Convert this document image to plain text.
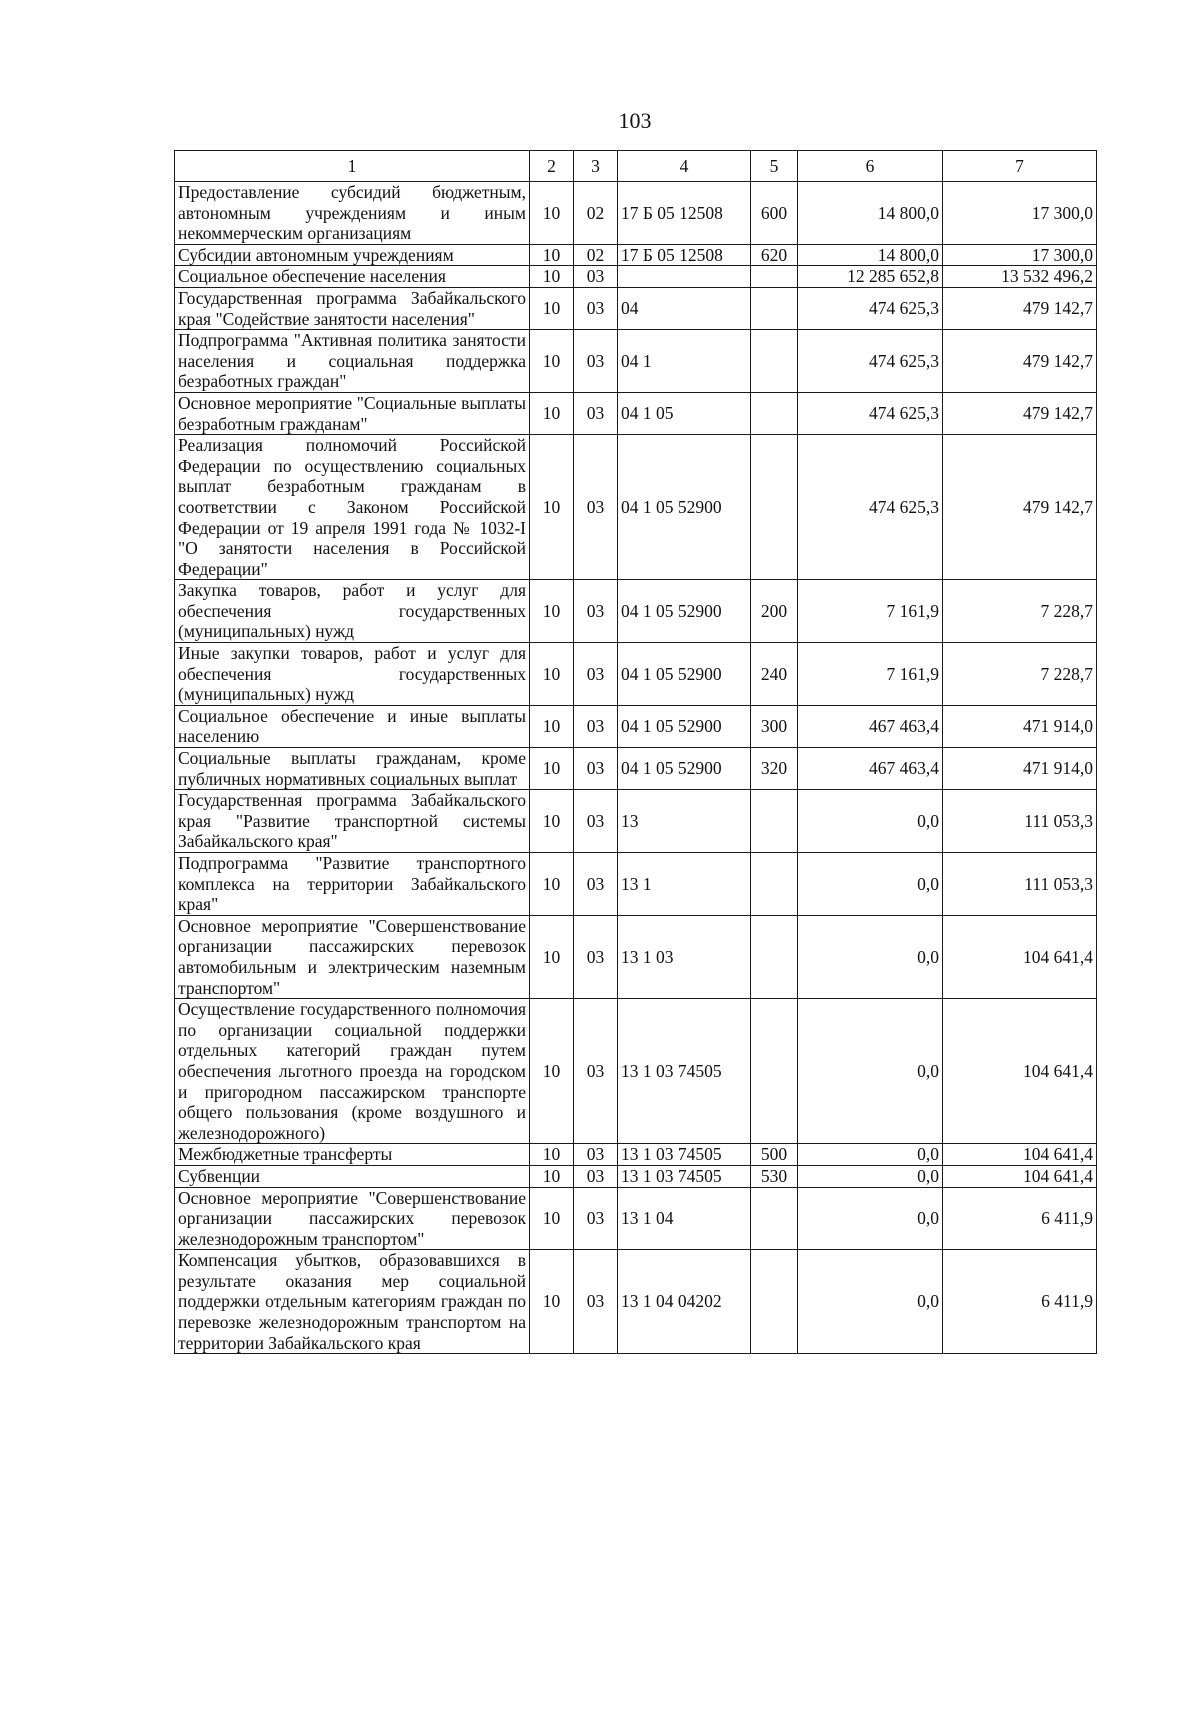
103
1	2	3	4	5	6	7
Предоставление субсидий бюджетным, автономным учреждениям и иным некоммерческим организациям	10	02	17 Б 05 12508	600	14 800,0	17 300,0
Субсидии автономным учреждениям	10	02	17 Б 05 12508	620	14 800,0	17 300,0
Социальное обеспечение населения	10	03			12 285 652,8	13 532 496,2
Государственная программа Забайкальского края "Содействие занятости населения"	10	03	04		474 625,3	479 142,7
Подпрограмма "Активная политика занятости населения и социальная поддержка безработных граждан"	10	03	04 1		474 625,3	479 142,7
Основное мероприятие "Социальные выплаты безработным гражданам"	10	03	04 1 05		474 625,3	479 142,7
Реализация полномочий Российской Федерации по осуществлению социальных выплат безработным гражданам в соответствии с Законом Российской Федерации от 19 апреля 1991 года № 1032-I "О занятости населения в Российской Федерации"	10	03	04 1 05 52900		474 625,3	479 142,7
Закупка товаров, работ и услуг для обеспечения государственных (муниципальных) нужд	10	03	04 1 05 52900	200	7 161,9	7 228,7
Иные закупки товаров, работ и услуг для обеспечения государственных (муниципальных) нужд	10	03	04 1 05 52900	240	7 161,9	7 228,7
Социальное обеспечение и иные выплаты населению	10	03	04 1 05 52900	300	467 463,4	471 914,0
Социальные выплаты гражданам, кроме публичных нормативных социальных выплат	10	03	04 1 05 52900	320	467 463,4	471 914,0
Государственная программа Забайкальского края "Развитие транспортной системы Забайкальского края"	10	03	13		0,0	111 053,3
Подпрограмма "Развитие транспортного комплекса на территории Забайкальского края"	10	03	13 1		0,0	111 053,3
Основное мероприятие "Совершенствование организации пассажирских перевозок автомобильным и электрическим наземным транспортом"	10	03	13 1 03		0,0	104 641,4
Осуществление государственного полномочия по организации социальной поддержки отдельных категорий граждан путем обеспечения льготного проезда на городском и пригородном пассажирском транспорте общего пользования (кроме воздушного и железнодорожного)	10	03	13 1 03 74505		0,0	104 641,4
Межбюджетные трансферты	10	03	13 1 03 74505	500	0,0	104 641,4
Субвенции	10	03	13 1 03 74505	530	0,0	104 641,4
Основное мероприятие "Совершенствование организации пассажирских перевозок железнодорожным транспортом"	10	03	13 1 04		0,0	6 411,9
Компенсация убытков, образовавшихся в результате оказания мер социальной поддержки отдельным категориям граждан по перевозке железнодорожным транспортом на территории Забайкальского края	10	03	13 1 04 04202		0,0	6 411,9
